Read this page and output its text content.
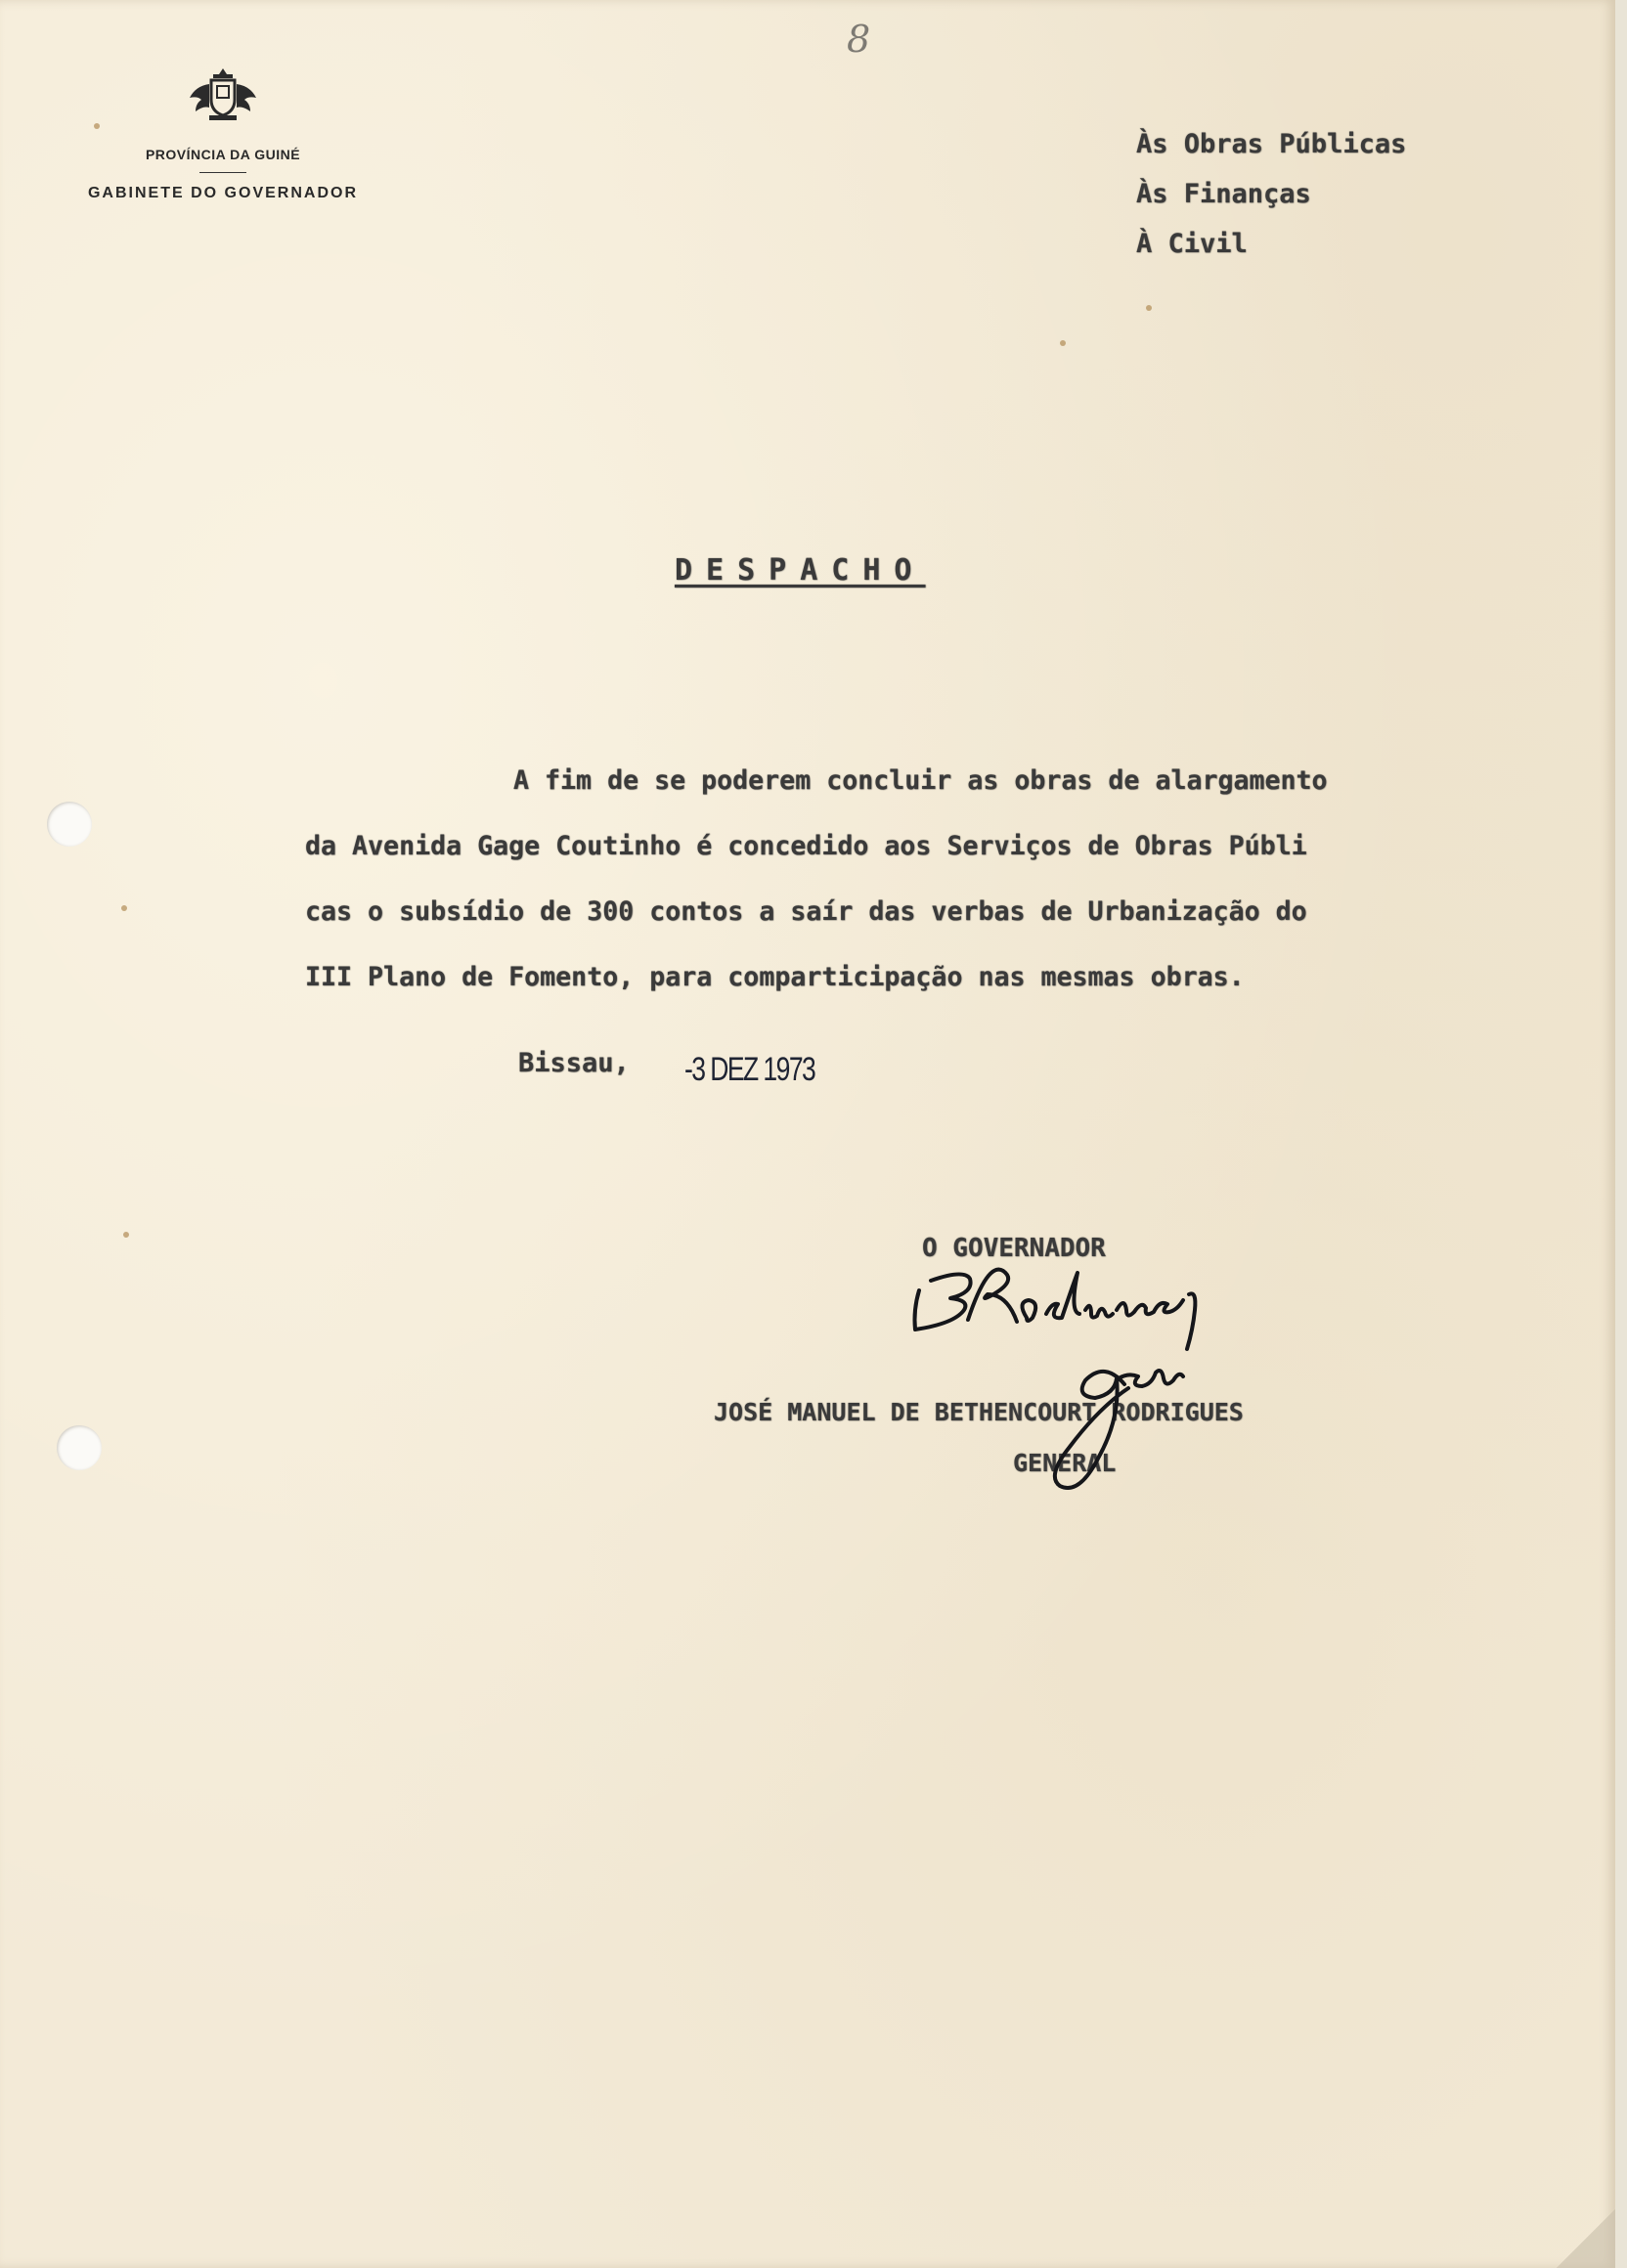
8
PROVÍNCIA DA GUINÉ
GABINETE DO GOVERNADOR
Às Obras Públicas
Às Finanças
À Civil
DESPACHO
A fim de se poderem concluir as obras de alargamento
da Avenida Gage Coutinho é concedido aos Serviços de Obras Públi
cas o subsídio de 300 contos a saír das verbas de Urbanização do
III Plano de Fomento, para comparticipação nas mesmas obras.
Bissau, -3 DEZ 1973
O GOVERNADOR
JOSÉ MANUEL DE BETHENCOURT RODRIGUES
GENERAL
